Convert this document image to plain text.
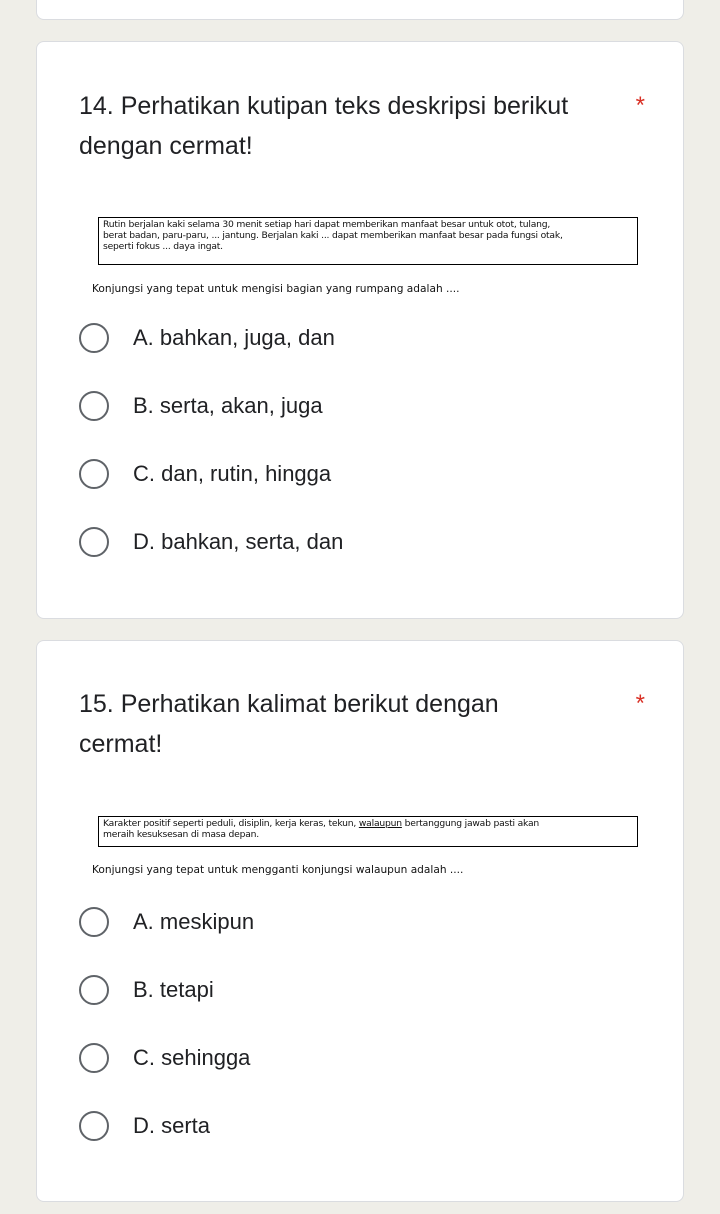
14. Perhatikan kutipan teks deskripsi berikut dengan cermat!
*
Rutin berjalan kaki selama 30 menit setiap hari dapat memberikan manfaat besar untuk otot, tulang,
berat badan, paru-paru, ... jantung. Berjalan kaki ... dapat memberikan manfaat besar pada fungsi otak,
seperti fokus ... daya ingat.
Konjungsi yang tepat untuk mengisi bagian yang rumpang adalah ....
A. bahkan, juga, dan
B. serta, akan, juga
C. dan, rutin, hingga
D. bahkan, serta, dan
15. Perhatikan kalimat berikut dengan cermat!
*
Karakter positif seperti peduli, disiplin, kerja keras, tekun, walaupun bertanggung jawab pasti akan
meraih kesuksesan di masa depan.
Konjungsi yang tepat untuk mengganti konjungsi walaupun adalah ....
A. meskipun
B. tetapi
C. sehingga
D. serta
